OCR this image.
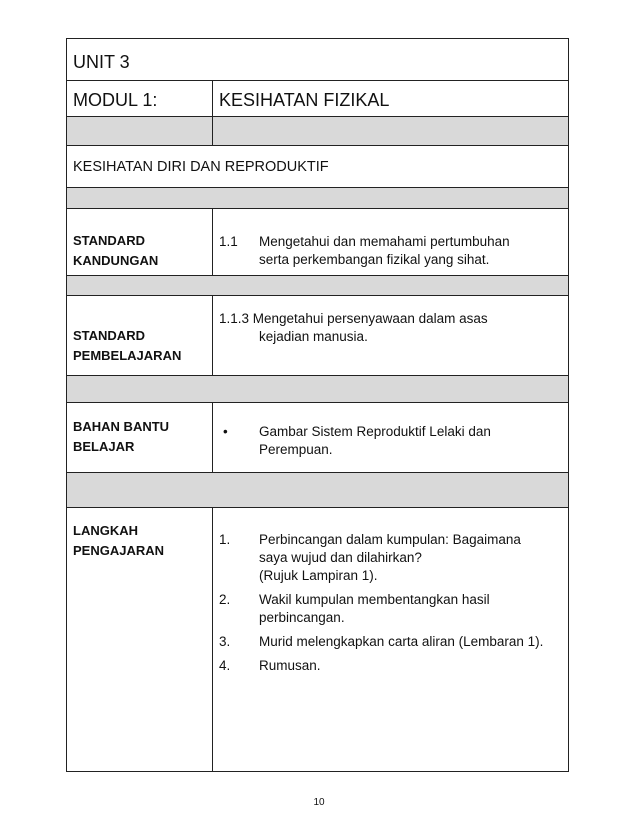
UNIT 3
MODUL 1:	KESIHATAN FIZIKAL
KESIHATAN DIRI DAN REPRODUKTIF
STANDARD
KANDUNGAN
1.1 Mengetahui dan memahami pertumbuhan
serta perkembangan fizikal yang sihat.
STANDARD
PEMBELAJARAN
1.1.3 Mengetahui persenyawaan dalam asas
kejadian manusia.
BAHAN BANTU
BELAJAR
• Gambar Sistem Reproduktif Lelaki dan
Perempuan.
LANGKAH
PENGAJARAN
1. Perbincangan dalam kumpulan: Bagaimana
saya wujud dan dilahirkan?
(Rujuk Lampiran 1).
2. Wakil kumpulan membentangkan hasil
perbincangan.
3. Murid melengkapkan carta aliran (Lembaran 1).
4. Rumusan.
10
